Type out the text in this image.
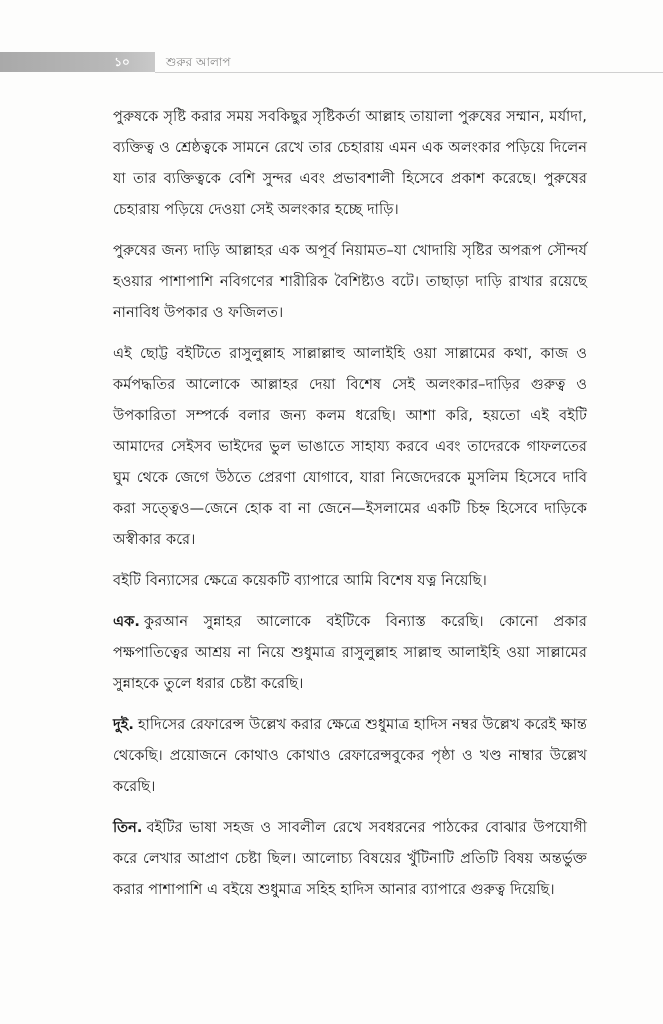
১০	শুরুর আলাপ

পুরুষকে সৃষ্টি করার সময় সবকিছুর সৃষ্টিকর্তা আল্লাহ তায়ালা পুরুষের সম্মান, মর্যাদা, ব্যক্তিত্ব ও শ্রেষ্ঠত্বকে সামনে রেখে তার চেহারায় এমন এক অলংকার পড়িয়ে দিলেন যা তার ব্যক্তিত্বকে বেশি সুন্দর এবং প্রভাবশালী হিসেবে প্রকাশ করেছে। পুরুষের চেহারায় পড়িয়ে দেওয়া সেই অলংকার হচ্ছে দাড়ি।

পুরুষের জন্য দাড়ি আল্লাহর এক অপূর্ব নিয়ামত–যা খোদায়ি সৃষ্টির অপরূপ সৌন্দর্য হওয়ার পাশাপাশি নবিগণের শারীরিক বৈশিষ্ট্যও বটে। তাছাড়া দাড়ি রাখার রয়েছে নানাবিধ উপকার ও ফজিলত।

এই ছোট্ট বইটিতে রাসুলুল্লাহ সাল্লাল্লাহু আলাইহি ওয়া সাল্লামের কথা, কাজ ও কর্মপদ্ধতির আলোকে আল্লাহর দেয়া বিশেষ সেই অলংকার–দাড়ির গুরুত্ব ও উপকারিতা সম্পর্কে বলার জন্য কলম ধরেছি। আশা করি, হয়তো এই বইটি আমাদের সেইসব ভাইদের ভুল ভাঙাতে সাহায্য করবে এবং তাদেরকে গাফলতের ঘুম থেকে জেগে উঠতে প্রেরণা যোগাবে, যারা নিজেদেরকে মুসলিম হিসেবে দাবি করা সত্ত্বেও—জেনে হোক বা না জেনে—ইসলামের একটি চিহ্ন হিসেবে দাড়িকে অস্বীকার করে।

বইটি বিন্যাসের ক্ষেত্রে কয়েকটি ব্যাপারে আমি বিশেষ যত্ন নিয়েছি।

এক. কুরআন সুন্নাহর আলোকে বইটিকে বিন্যাস্ত করেছি। কোনো প্রকার পক্ষপাতিত্বের আশ্রয় না নিয়ে শুধুমাত্র রাসুলুল্লাহ সাল্লাহু আলাইহি ওয়া সাল্লামের সুন্নাহকে তুলে ধরার চেষ্টা করেছি।

দুই. হাদিসের রেফারেন্স উল্লেখ করার ক্ষেত্রে শুধুমাত্র হাদিস নম্বর উল্লেখ করেই ক্ষান্ত থেকেছি। প্রয়োজনে কোথাও কোথাও রেফারেন্সবুকের পৃষ্ঠা ও খণ্ড নাম্বার উল্লেখ করেছি।

তিন. বইটির ভাষা সহজ ও সাবলীল রেখে সবধরনের পাঠকের বোঝার উপযোগী করে লেখার আপ্রাণ চেষ্টা ছিল। আলোচ্য বিষয়ের খুঁটিনাটি প্রতিটি বিষয় অন্তর্ভুক্ত করার পাশাপাশি এ বইয়ে শুধুমাত্র সহিহ হাদিস আনার ব্যাপারে গুরুত্ব দিয়েছি।
